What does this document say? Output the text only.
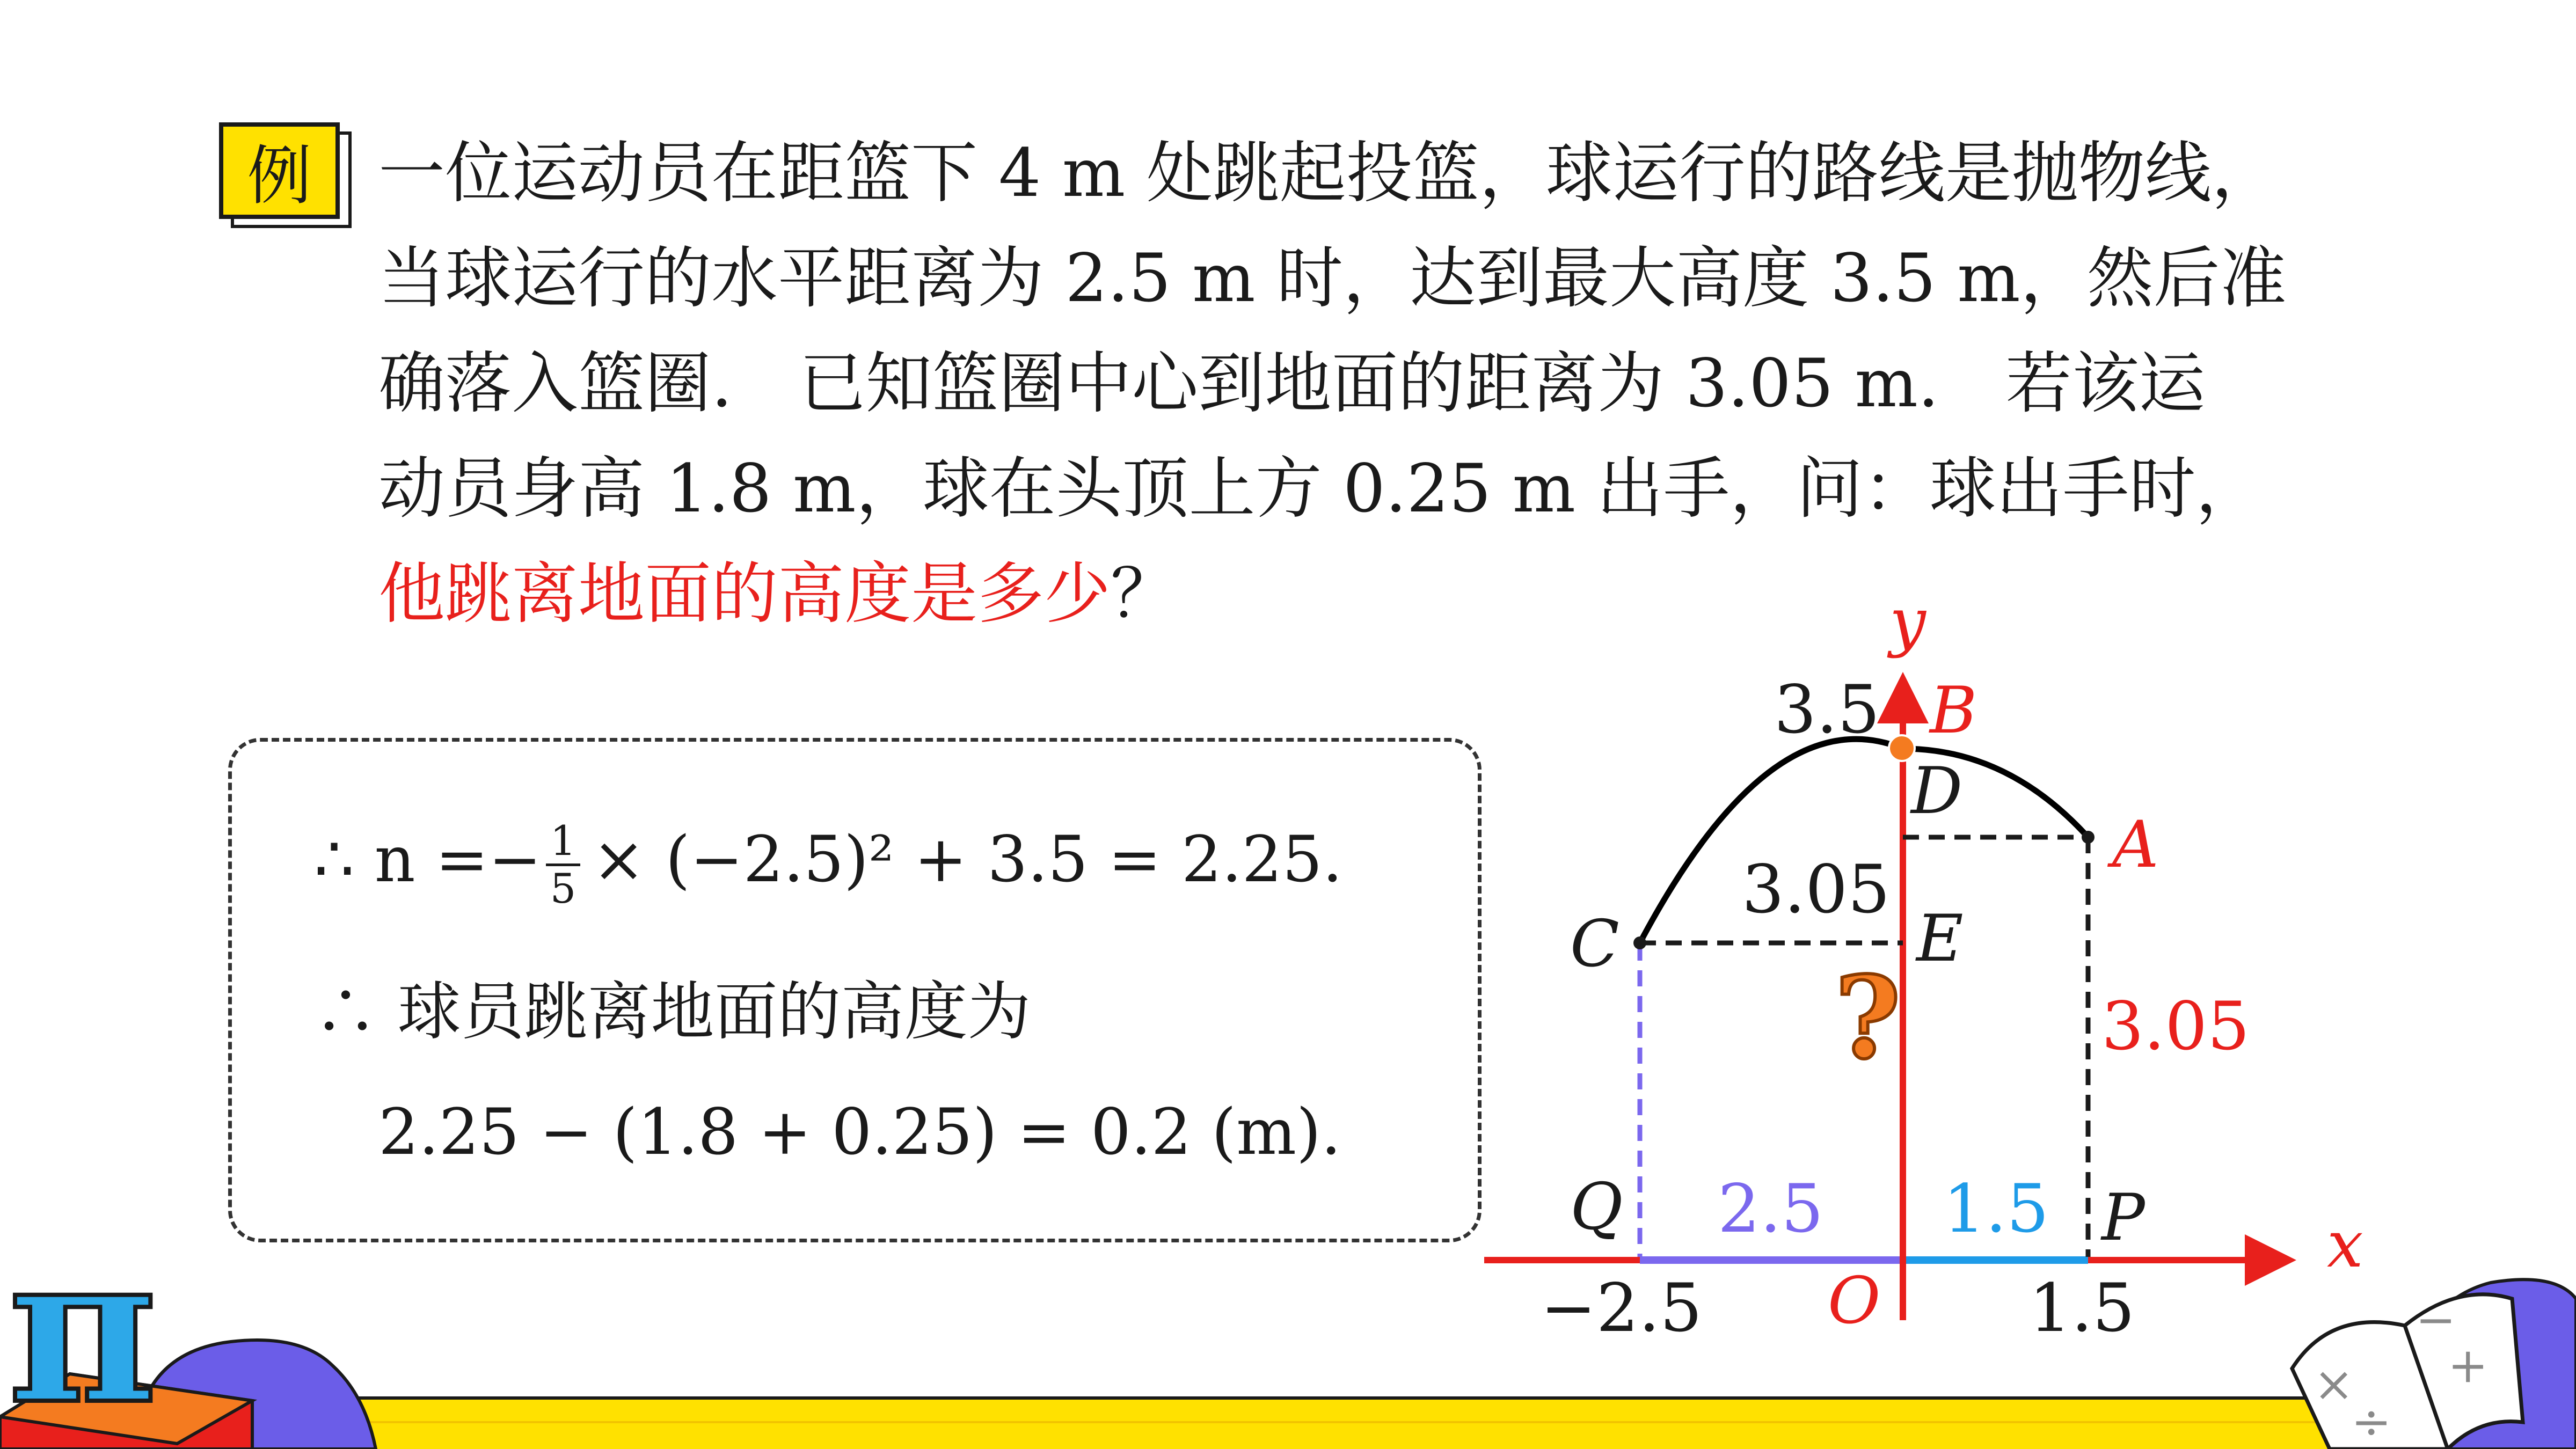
例 一位运动员在距篮下 4 m 处跳起投篮，球运行的路线是抛物线，
当球运行的水平距离为 2.5 m 时，达到最大高度 3.5 m，然后准
确落入篮圈.　已知篮圈中心到地面的距离为 3.05 m.　若该运
动员身高 1.8 m，球在头顶上方 0.25 m 出手，问：球出手时，
他跳离地面的高度是多少？
∴ $n =- \frac{1}{5} \times (-2.5)^2 + 3.5 = 2.25$.
∴ 球员跳离地面的高度为
2.25 − (1.8 + 0.25) = 0.2 (m).
?
y
x
O
B
A
D
E
C
Q	P
3.5
3.05
3.05
2.5 1.5
−2.5	1.5
π	×
÷
−
+
